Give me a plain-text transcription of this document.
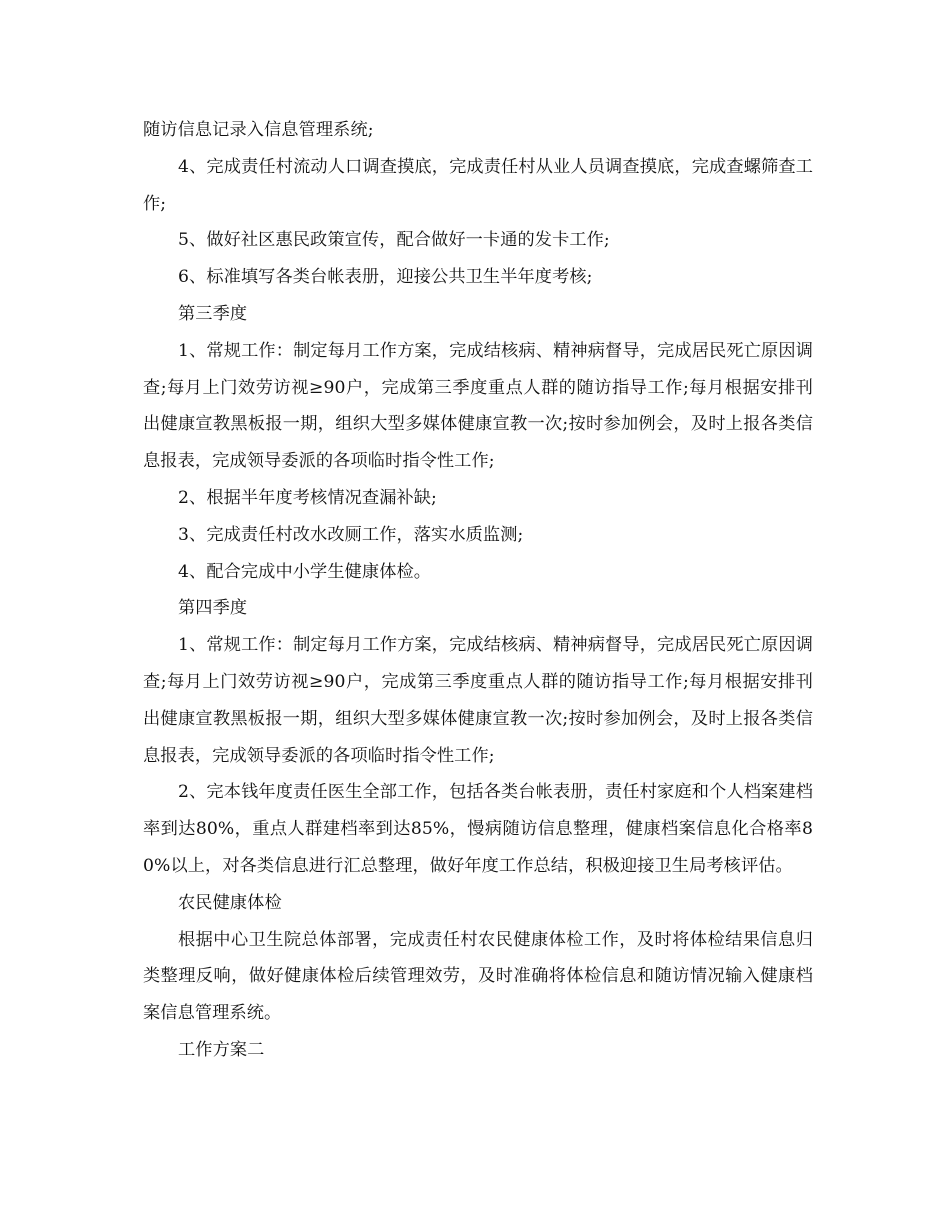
随访信息记录入信息管理系统;

4、完成责任村流动人口调查摸底，完成责任村从业人员调查摸底，完成查螺筛查工作;

5、做好社区惠民政策宣传，配合做好一卡通的发卡工作;

6、标准填写各类台帐表册，迎接公共卫生半年度考核;

第三季度

1、常规工作：制定每月工作方案，完成结核病、精神病督导，完成居民死亡原因调查;每月上门效劳访视≥90户，完成第三季度重点人群的随访指导工作;每月根据安排刊出健康宣教黑板报一期，组织大型多媒体健康宣教一次;按时参加例会，及时上报各类信息报表，完成领导委派的各项临时指令性工作;

2、根据半年度考核情况查漏补缺;

3、完成责任村改水改厕工作，落实水质监测;

4、配合完成中小学生健康体检。

第四季度

1、常规工作：制定每月工作方案，完成结核病、精神病督导，完成居民死亡原因调查;每月上门效劳访视≥90户，完成第三季度重点人群的随访指导工作;每月根据安排刊出健康宣教黑板报一期，组织大型多媒体健康宣教一次;按时参加例会，及时上报各类信息报表，完成领导委派的各项临时指令性工作;

2、完本钱年度责任医生全部工作，包括各类台帐表册，责任村家庭和个人档案建档率到达80%，重点人群建档率到达85%，慢病随访信息整理，健康档案信息化合格率80%以上，对各类信息进行汇总整理，做好年度工作总结，积极迎接卫生局考核评估。

农民健康体检

根据中心卫生院总体部署，完成责任村农民健康体检工作，及时将体检结果信息归类整理反响，做好健康体检后续管理效劳，及时准确将体检信息和随访情况输入健康档案信息管理系统。

工作方案二
